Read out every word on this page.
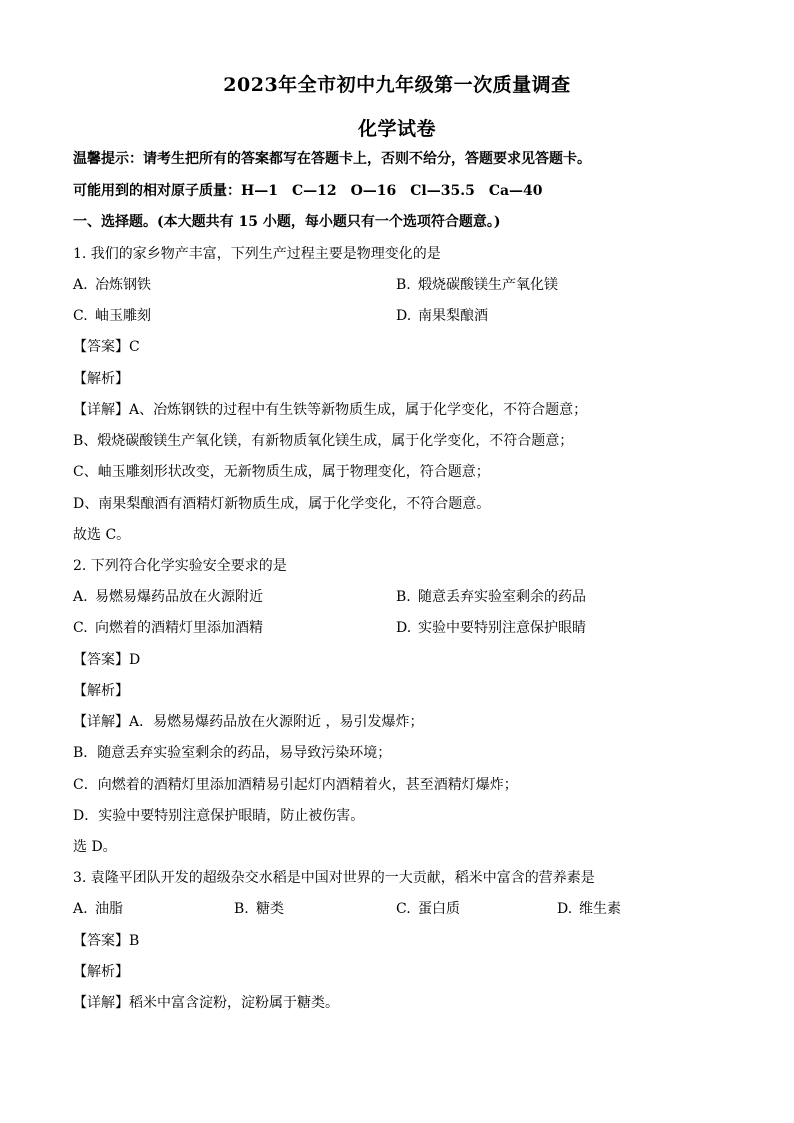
2023年全市初中九年级第一次质量调查
化学试卷
温馨提示：请考生把所有的答案都写在答题卡上，否则不给分，答题要求见答题卡。
可能用到的相对原子质量：H—1　C—12　O—16　Cl—35.5　Ca—40
一、选择题。(本大题共有 15 小题，每小题只有一个选项符合题意。)
1. 我们的家乡物产丰富，下列生产过程主要是物理变化的是
A. 冶炼钢铁	B. 煅烧碳酸镁生产氧化镁
C. 岫玉雕刻	D. 南果梨酿酒
【答案】C
【解析】
【详解】A、冶炼钢铁的过程中有生铁等新物质生成，属于化学变化，不符合题意；
B、煅烧碳酸镁生产氧化镁，有新物质氧化镁生成，属于化学变化，不符合题意；
C、岫玉雕刻形状改变，无新物质生成，属于物理变化，符合题意；
D、南果梨酿酒有酒精灯新物质生成，属于化学变化，不符合题意。
故选 C。
2. 下列符合化学实验安全要求的是
A. 易燃易爆药品放在火源附近	B. 随意丢弃实验室剩余的药品
C. 向燃着的酒精灯里添加酒精	D. 实验中要特别注意保护眼睛
【答案】D
【解析】
【详解】A．易燃易爆药品放在火源附近 ，易引发爆炸；
B．随意丢弃实验室剩余的药品，易导致污染环境；
C．向燃着的酒精灯里添加酒精易引起灯内酒精着火，甚至酒精灯爆炸；
D．实验中要特别注意保护眼睛，防止被伤害。
选 D。
3. 袁隆平团队开发的超级杂交水稻是中国对世界的一大贡献，稻米中富含的营养素是
A. 油脂	B. 糖类	C. 蛋白质	D. 维生素
【答案】B
【解析】
【详解】稻米中富含淀粉，淀粉属于糖类。
